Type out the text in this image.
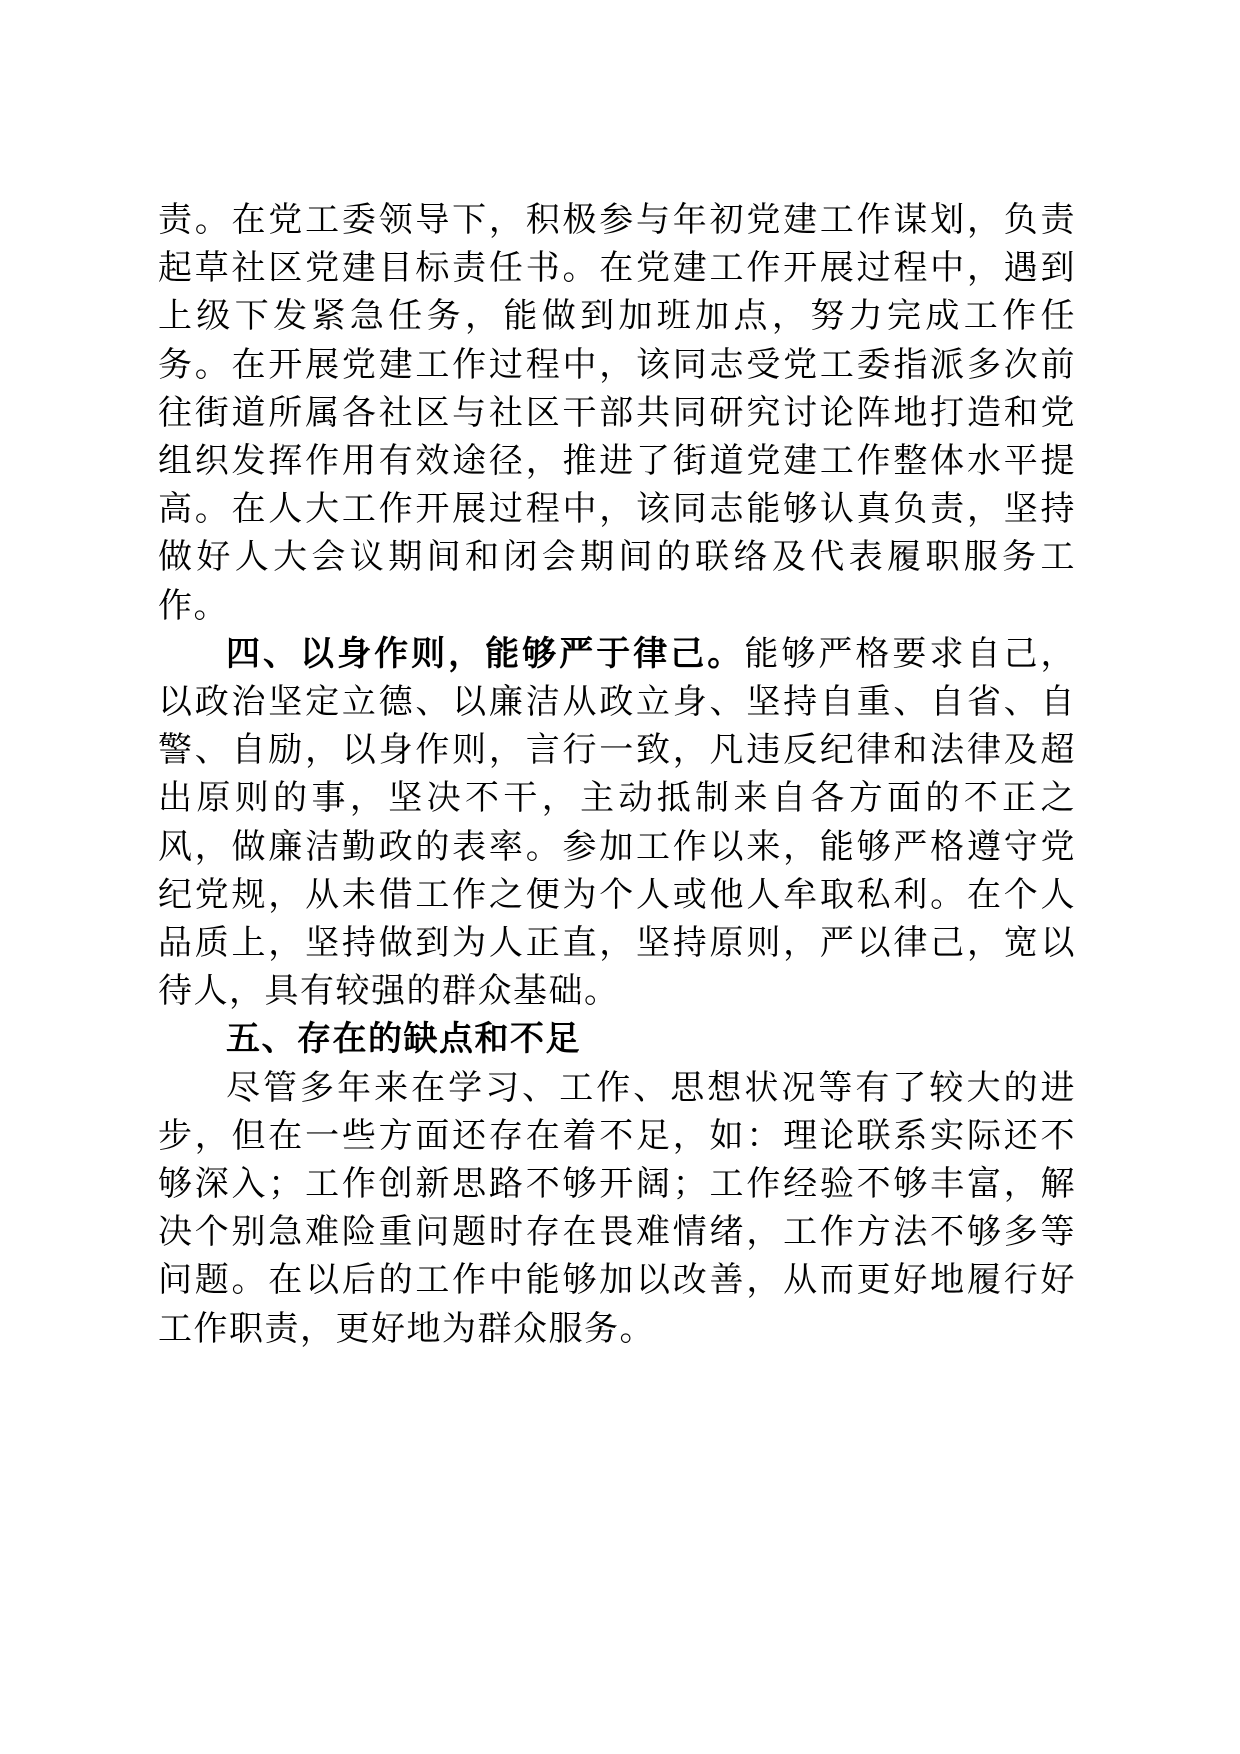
责。在党工委领导下，积极参与年初党建工作谋划，负责起草社区党建目标责任书。在党建工作开展过程中，遇到上级下发紧急任务，能做到加班加点，努力完成工作任务。在开展党建工作过程中，该同志受党工委指派多次前往街道所属各社区与社区干部共同研究讨论阵地打造和党组织发挥作用有效途径，推进了街道党建工作整体水平提高。在人大工作开展过程中，该同志能够认真负责，坚持做好人大会议期间和闭会期间的联络及代表履职服务工作。

四、以身作则，能够严于律己。能够严格要求自己，以政治坚定立德、以廉洁从政立身、坚持自重、自省、自警、自励，以身作则，言行一致，凡违反纪律和法律及超出原则的事，坚决不干，主动抵制来自各方面的不正之风，做廉洁勤政的表率。参加工作以来，能够严格遵守党纪党规，从未借工作之便为个人或他人牟取私利。在个人品质上，坚持做到为人正直，坚持原则，严以律己，宽以待人，具有较强的群众基础。

五、存在的缺点和不足

尽管多年来在学习、工作、思想状况等有了较大的进步，但在一些方面还存在着不足，如：理论联系实际还不够深入；工作创新思路不够开阔；工作经验不够丰富，解决个别急难险重问题时存在畏难情绪，工作方法不够多等问题。在以后的工作中能够加以改善，从而更好地履行好工作职责，更好地为群众服务。
